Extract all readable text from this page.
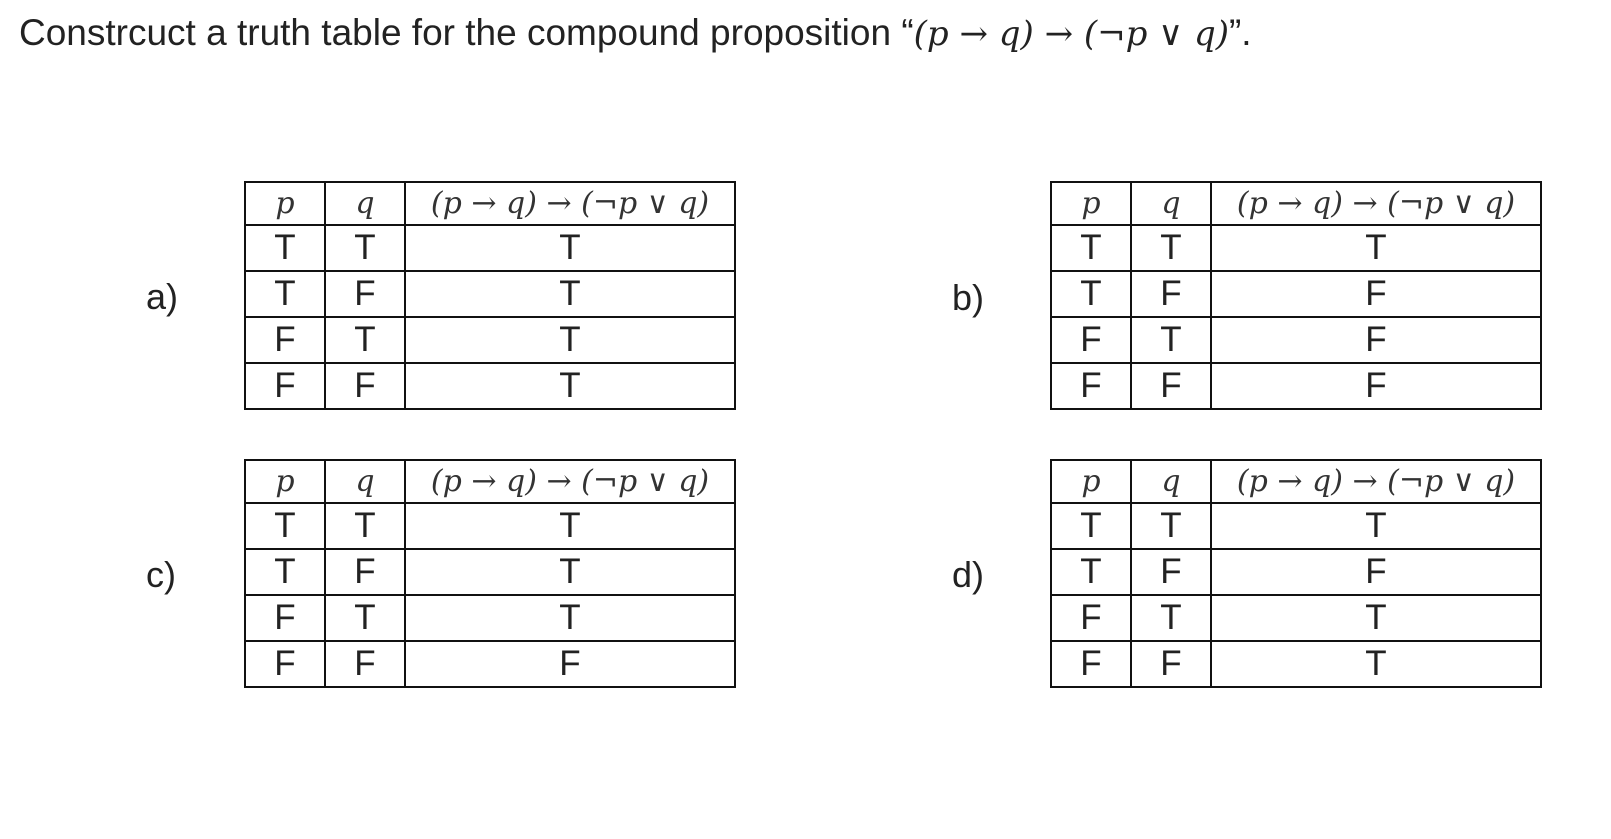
Constrcuct a truth table for the compound proposition “(p → q) → (¬p ∨ q)”.
a)
p	q	(p → q) → (¬p ∨ q)
T	T	T
T	F	T
F	T	T
F	F	T
b)
p	q	(p → q) → (¬p ∨ q)
T	T	T
T	F	F
F	T	F
F	F	F
c)
p	q	(p → q) → (¬p ∨ q)
T	T	T
T	F	T
F	T	T
F	F	F
d)
p	q	(p → q) → (¬p ∨ q)
T	T	T
T	F	F
F	T	T
F	F	T
